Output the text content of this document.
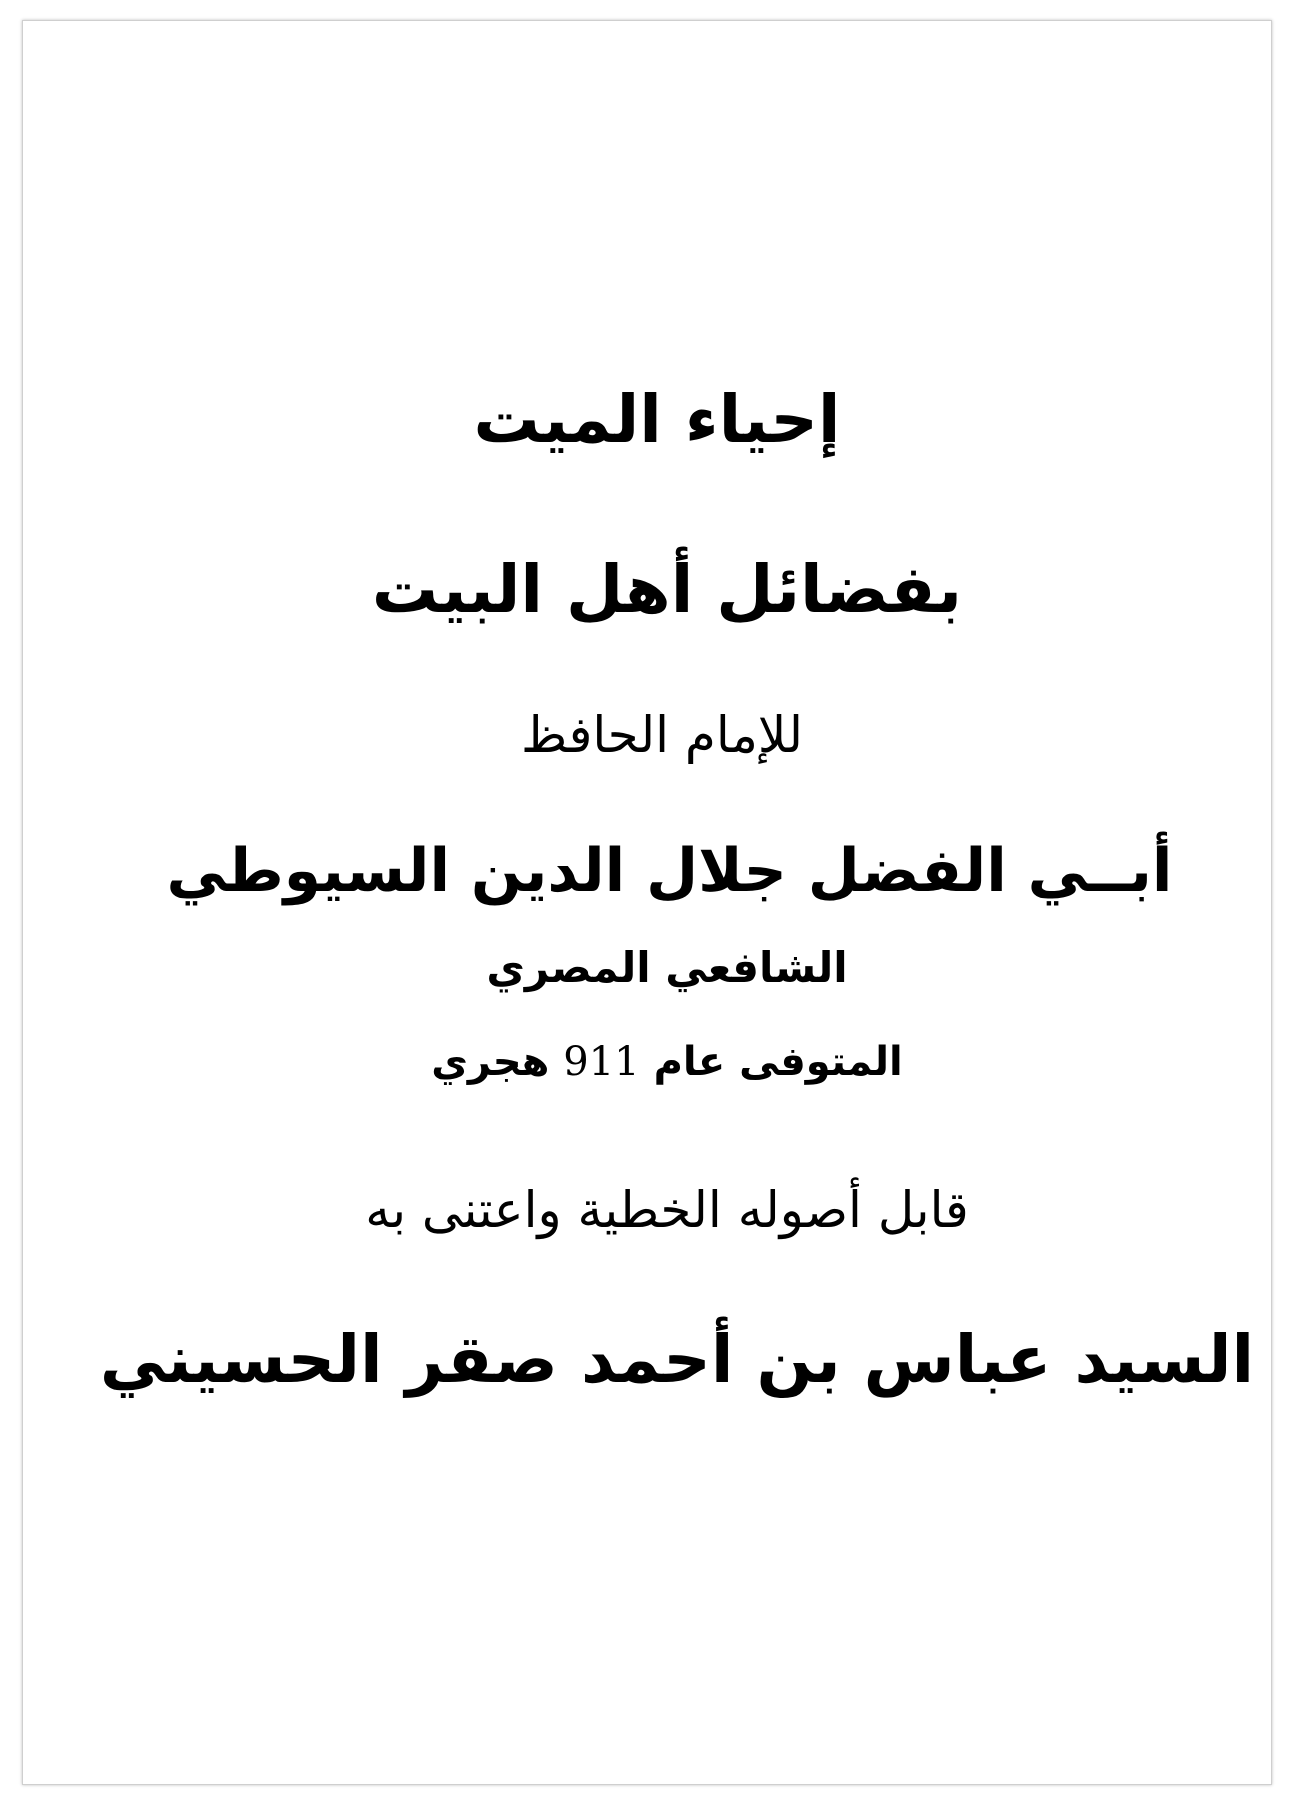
إحياء الميت
بفضائل أهل البيت
للإمام الحافظ
أبــي الفضل جلال الدين السيوطي
الشافعي المصري
المتوفى عام 911 هجري
قابل أصوله الخطية واعتنى به
السيد عباس بن أحمد صقر الحسيني
